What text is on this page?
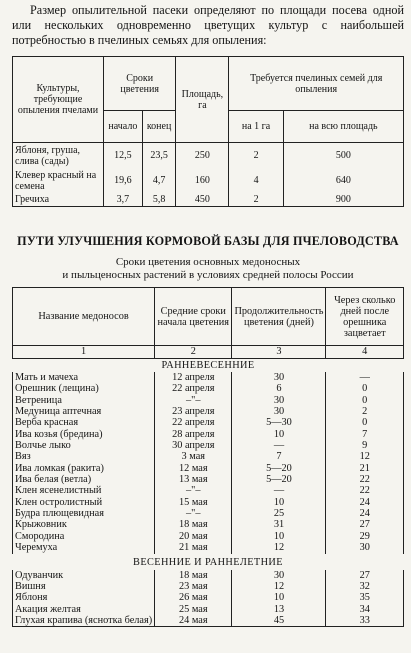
Размер опылительной пасеки определяют по площади посева одной или нескольких одновременно цветущих культур с наибольшей потребностью в пчелиных семьях для опыления:

Культуры, требующие опыления пчелами	Сроки цветения		Площадь, га	Требуется пчелиных семей для опыления	
	начало	конец		на 1 га	на всю площадь
Яблоня, груша, слива (сады)	12,5	23,5	250	2	500
Клевер красный на семена	19,6	4,7	160	4	640
Гречиха	3,7	5,8	450	2	900
ПУТИ УЛУЧШЕНИЯ КОРМОВОЙ БАЗЫ ДЛЯ ПЧЕЛОВОДСТВА
Сроки цветения основных медоносных
и пыльценосных растений в условиях средней полосы России
Название медоносов	Средние сроки начала цветения	Продолжительность цветения (дней)	Через сколько дней после орешника зацветает
1	2	3	4
РАННЕВЕСЕННИЕ			
Мать и мачеха	12 апреля	30	—
Орешник (лещина)	22 апреля	6	0
Ветреница	–"–	30	0
Медуница аптечная	23 апреля	30	2
Верба красная	22 апреля	5—30	0
Ива козья (бредина)	28 апреля	10	7
Волчье лыко	30 апреля	—	9
Вяз	3 мая	7	12
Ива ломкая (ракита)	12 мая	5—20	21
Ива белая (ветла)	13 мая	5—20	22
Клен ясенелистный	–"–	—	22
Клен остролистный	15 мая	10	24
Будра плющевидная	–"–	25	24
Крыжовник	18 мая	31	27
Смородина	20 мая	10	29
Черемуха	21 мая	12	30
ВЕСЕННИЕ И РАННЕЛЕТНИЕ			
Одуванчик	18 мая	30	27
Вишня	23 мая	12	32
Яблоня	26 мая	10	35
Акация желтая	25 мая	13	34
Глухая крапива (яснотка белая)	24 мая	45	33
